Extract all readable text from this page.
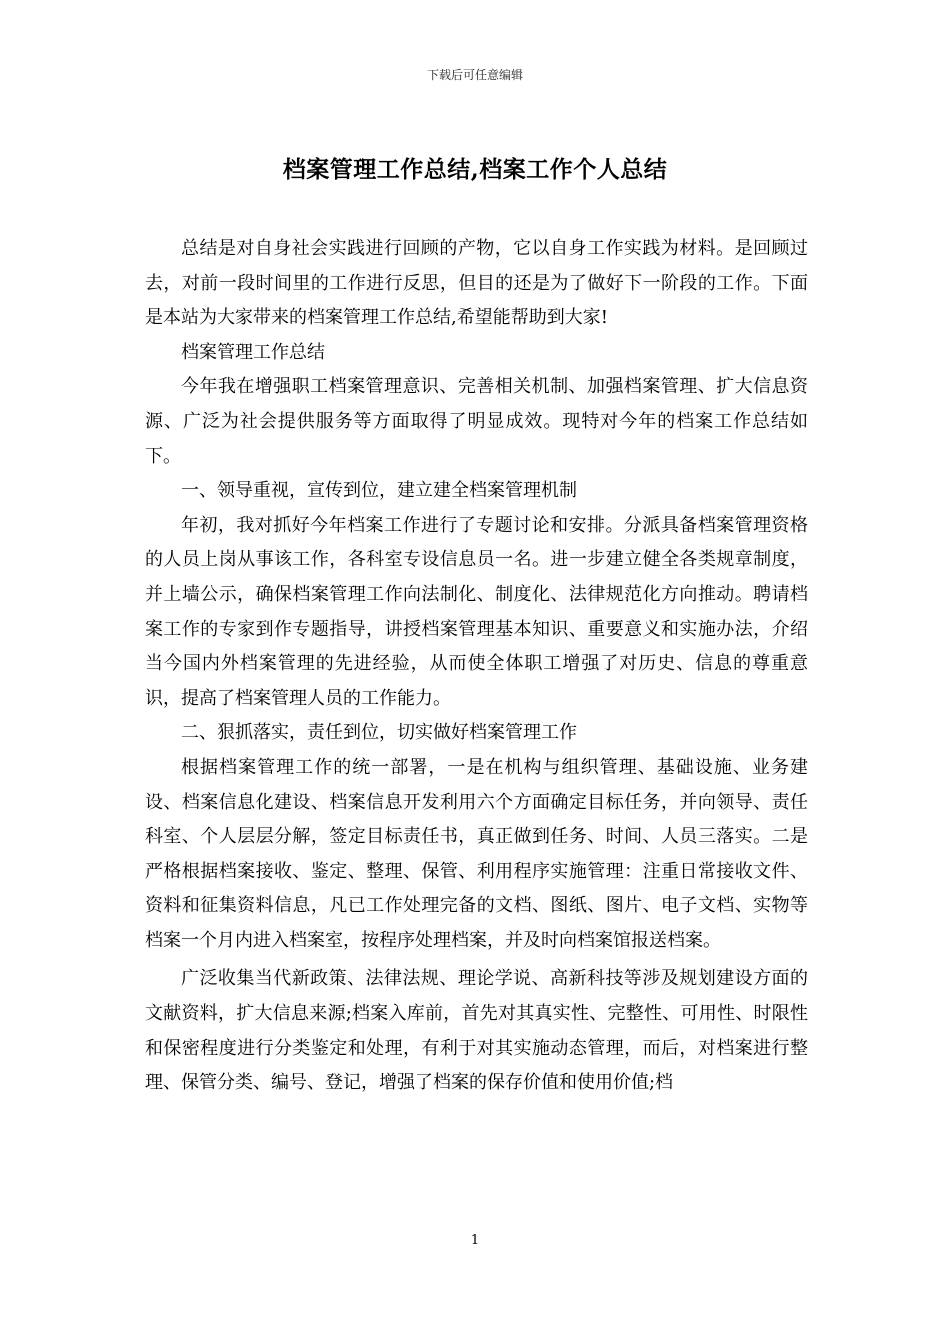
下载后可任意编辑
档案管理工作总结,档案工作个人总结

总结是对自身社会实践进行回顾的产物，它以自身工作实践为材料。是回顾过去，对前一段时间里的工作进行反思，但目的还是为了做好下一阶段的工作。下面是本站为大家带来的档案管理工作总结,希望能帮助到大家!

档案管理工作总结

今年我在增强职工档案管理意识、完善相关机制、加强档案管理、扩大信息资源、广泛为社会提供服务等方面取得了明显成效。现特对今年的档案工作总结如下。

一、领导重视，宣传到位，建立建全档案管理机制

年初，我对抓好今年档案工作进行了专题讨论和安排。分派具备档案管理资格的人员上岗从事该工作，各科室专设信息员一名。进一步建立健全各类规章制度，并上墙公示，确保档案管理工作向法制化、制度化、法律规范化方向推动。聘请档案工作的专家到作专题指导，讲授档案管理基本知识、重要意义和实施办法，介绍当今国内外档案管理的先进经验，从而使全体职工增强了对历史、信息的尊重意识，提高了档案管理人员的工作能力。

二、狠抓落实，责任到位，切实做好档案管理工作

根据档案管理工作的统一部署，一是在机构与组织管理、基础设施、业务建设、档案信息化建设、档案信息开发利用六个方面确定目标任务，并向领导、责任科室、个人层层分解，签定目标责任书，真正做到任务、时间、人员三落实。二是严格根据档案接收、鉴定、整理、保管、利用程序实施管理：注重日常接收文件、资料和征集资料信息，凡已工作处理完备的文档、图纸、图片、电子文档、实物等档案一个月内进入档案室，按程序处理档案，并及时向档案馆报送档案。

广泛收集当代新政策、法律法规、理论学说、高新科技等涉及规划建设方面的文献资料，扩大信息来源;档案入库前，首先对其真实性、完整性、可用性、时限性和保密程度进行分类鉴定和处理，有利于对其实施动态管理，而后，对档案进行整理、保管分类、编号、登记，增强了档案的保存价值和使用价值;档

1
